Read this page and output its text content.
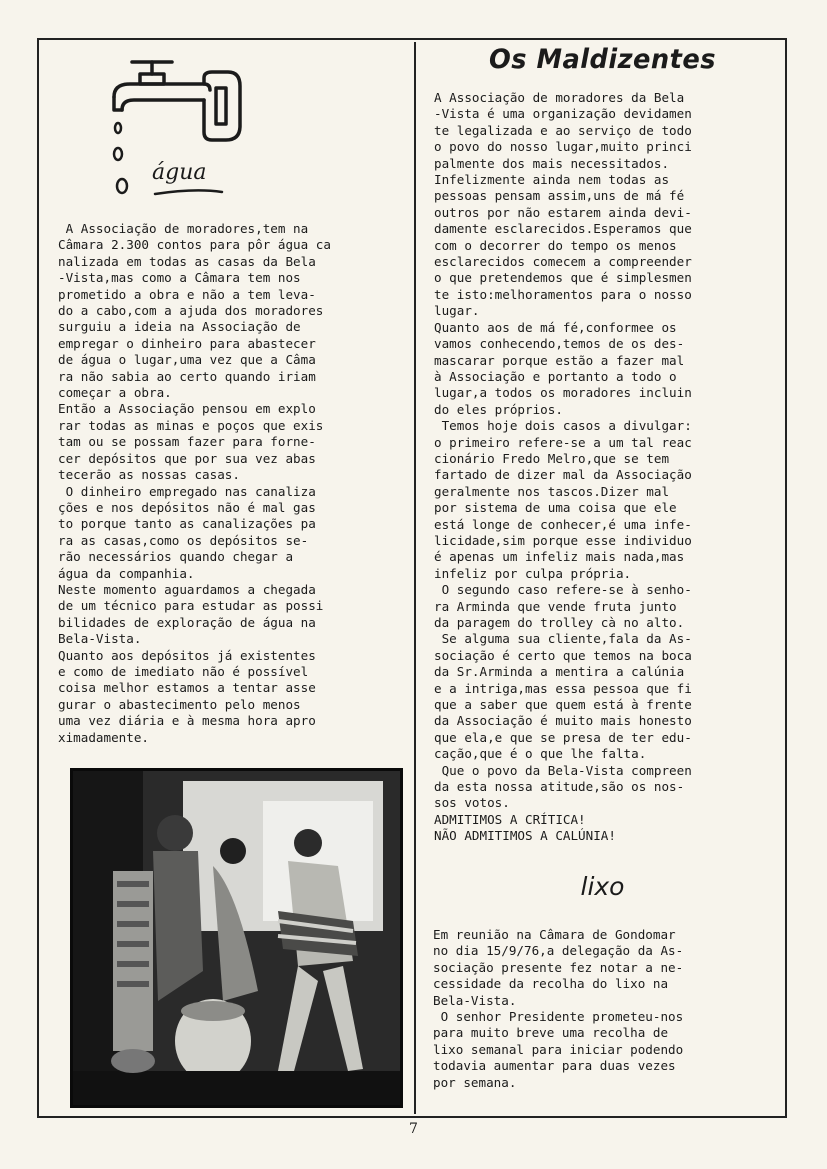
água

A Associação de moradores,tem na

Câmara 2.300 contos para pôr água ca

nalizada em todas as casas da Bela

-Vista,mas como a Câmara tem nos

prometido a obra e não a tem leva-

do a cabo,com a ajuda dos moradores

surguiu a ideia na Associação de

empregar o dinheiro para abastecer

de água o lugar,uma vez que a Câma

ra não sabia ao certo quando iriam

começar a obra.

Então a Associação pensou em explo

rar todas as minas e poços que exis

tam ou se possam fazer para forne-

cer depósitos que por sua vez abas

tecerão as nossas casas.

O dinheiro empregado nas canaliza

ções e nos depósitos não é mal gas

to porque tanto as canalizações pa

ra as casas,como os depósitos se-

rão necessários quando chegar a

água da companhia.

Neste momento aguardamos a chegada

de um técnico para estudar as possi

bilidades de exploração de água na

Bela-Vista.

Quanto aos depósitos já existentes

e como de imediato não é possível

coisa melhor estamos a tentar asse

gurar o abastecimento pelo menos

uma vez diária e à mesma hora apro

ximadamente.

Os Maldizentes

A Associação de moradores da Bela

-Vista é uma organização devidamen

te legalizada e ao serviço de todo

o povo do nosso lugar,muito princi

palmente dos mais necessitados.

Infelizmente ainda nem todas as

pessoas pensam assim,uns de má fé

outros por não estarem ainda devi-

damente esclarecidos.Esperamos que

com o decorrer do tempo os menos

esclarecidos comecem a compreender

o que pretendemos que é simplesmen

te isto:melhoramentos para o nosso

lugar.

Quanto aos de má fé,conformee os

vamos conhecendo,temos de os des-

mascarar porque estão a fazer mal

à Associação e portanto a todo o

lugar,a todos os moradores incluin

do eles próprios.

Temos hoje dois casos a divulgar:

o primeiro refere-se a um tal reac

cionário Fredo Melro,que se tem

fartado de dizer mal da Associação

geralmente nos tascos.Dizer mal

por sistema de uma coisa que ele

está longe de conhecer,é uma infe-

licidade,sim porque esse individuo

é apenas um infeliz mais nada,mas

infeliz por culpa própria.

O segundo caso refere-se à senho-

ra Arminda que vende fruta junto

da paragem do trolley cà no alto.

Se alguma sua cliente,fala da As-

sociação é certo que temos na boca

da Sr.Arminda a mentira a calúnia

e a intriga,mas essa pessoa que fi

que a saber que quem está à frente

da Associação é muito mais honesto

que ela,e que se presa de ter edu-

cação,que é o que lhe falta.

Que o povo da Bela-Vista compreen

da esta nossa atitude,são os nos-

sos votos.

ADMITIMOS A CRÍTICA!

NÃO ADMITIMOS A CALÚNIA!

lixo

Em reunião na Câmara de Gondomar

no dia 15/9/76,a delegação da As-

sociação presente fez notar a ne-

cessidade da recolha do lixo na

Bela-Vista.

O senhor Presidente prometeu-nos

para muito breve uma recolha de

lixo semanal para iniciar podendo

todavia aumentar para duas vezes

por semana.

7
